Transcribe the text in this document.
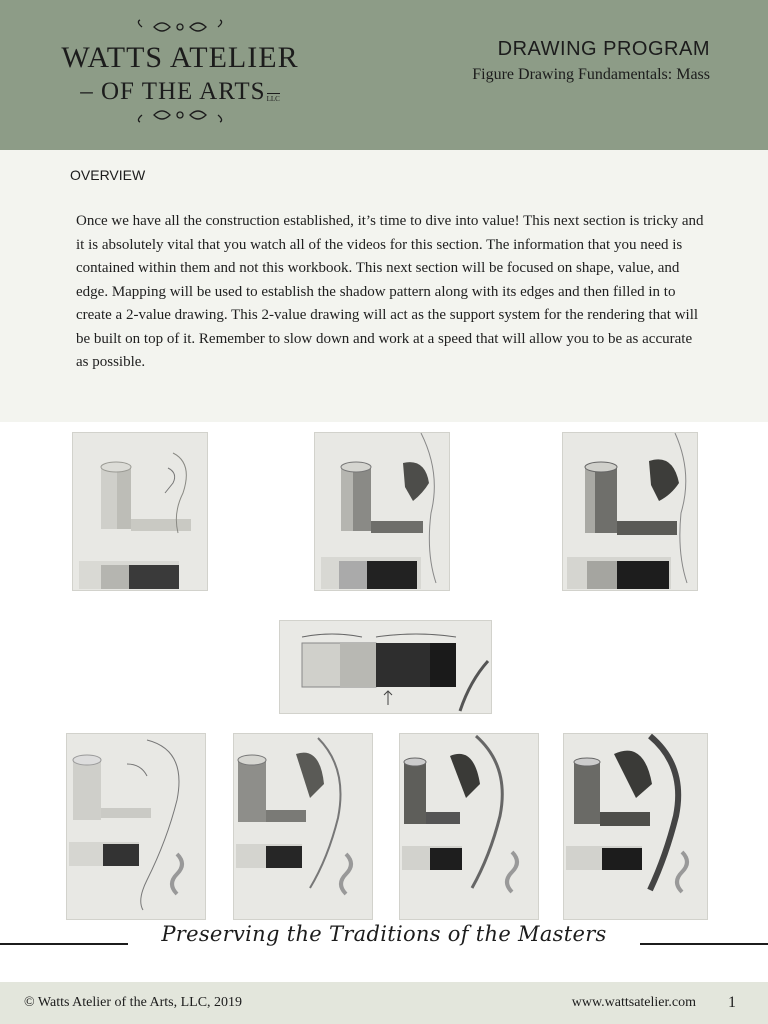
WATTS ATELIER
– OF THE ARTSLLC
DRAWING PROGRAM
Figure Drawing Fundamentals: Mass
OVERVIEW
Once we have all the construction established, it’s time to dive into value! This next section is tricky and it is absolutely vital that you watch all of the videos for this section. The information that you need is contained within them and not this workbook. This next section will be focused on shape, value, and edge. Mapping will be used to establish the shadow pattern along with its edges and then filled in to create a 2-value drawing. This 2-value drawing will act as the support system for the rendering that will be built on top of it. Remember to slow down and work at a speed that will allow you to be as accurate as possible.
Preserving the Traditions of the Masters
© Watts Atelier of the Arts, LLC, 2019	www.wattsatelier.com 1
